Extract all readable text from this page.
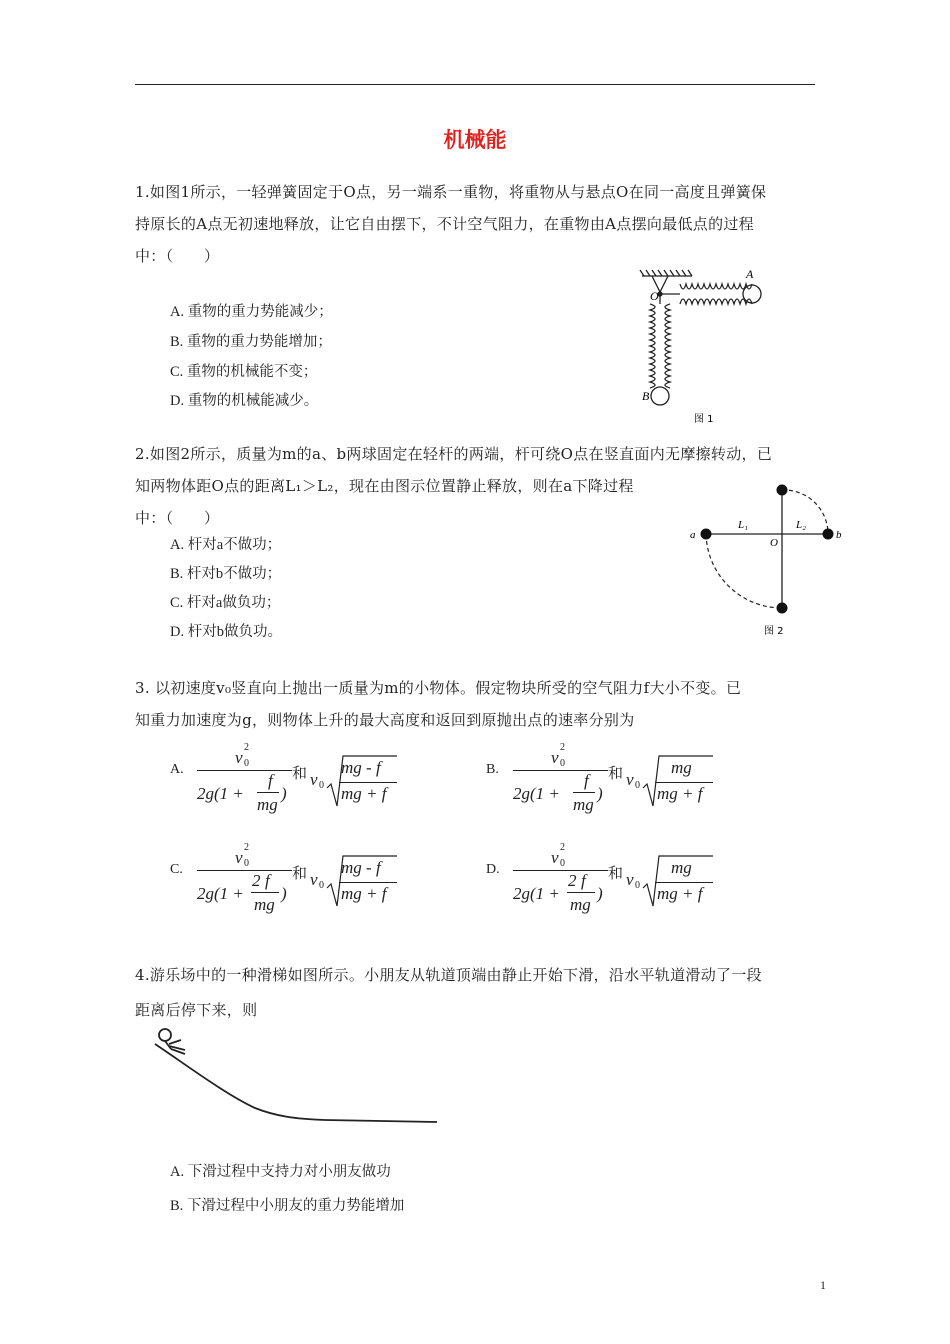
机械能
1.如图1所示，一轻弹簧固定于O点，另一端系一重物，将重物从与悬点O在同一高度且弹簧保
持原长的A点无初速地释放，让它自由摆下，不计空气阻力，在重物由A点摆向最低点的过程
中：（　　）
A. 重物的重力势能减少；
B. 重物的重力势能增加；
C. 重物的机械能不变；
D. 重物的机械能减少。
O
A
B
图 1
2.如图2所示，质量为m的a、b两球固定在轻杆的两端，杆可绕O点在竖直面内无摩擦转动，已
知两物体距O点的距离L₁＞L₂，现在由图示位置静止释放，则在a下降过程
中：（　　）
A. 杆对a不做功；
B. 杆对b不做功；
C. 杆对a做负功；
D. 杆对b做负功。
a
L₁
O
L₂
b
图 2
3. 以初速度v₀竖直向上抛出一质量为m的小物体。假定物块所受的空气阻力f大小不变。已
知重力加速度为g，则物体上升的最大高度和返回到原抛出点的速率分别为
A.
v 0
2
2g(1 +
f
mg
)
和 v 0
mg - f
mg + f
B.
v 0
2
2g(1 +
f
mg
)
和 v 0
mg
mg + f
C.
v 0
2
2g(1 +
2 f
mg
)
和 v 0
mg - f
mg + f
D.
v 0
2
2g(1 +
2 f
mg
)
和 v 0
mg
mg + f
4.游乐场中的一种滑梯如图所示。小朋友从轨道顶端由静止开始下滑，沿水平轨道滑动了一段
距离后停下来，则
A. 下滑过程中支持力对小朋友做功
B. 下滑过程中小朋友的重力势能增加
1
